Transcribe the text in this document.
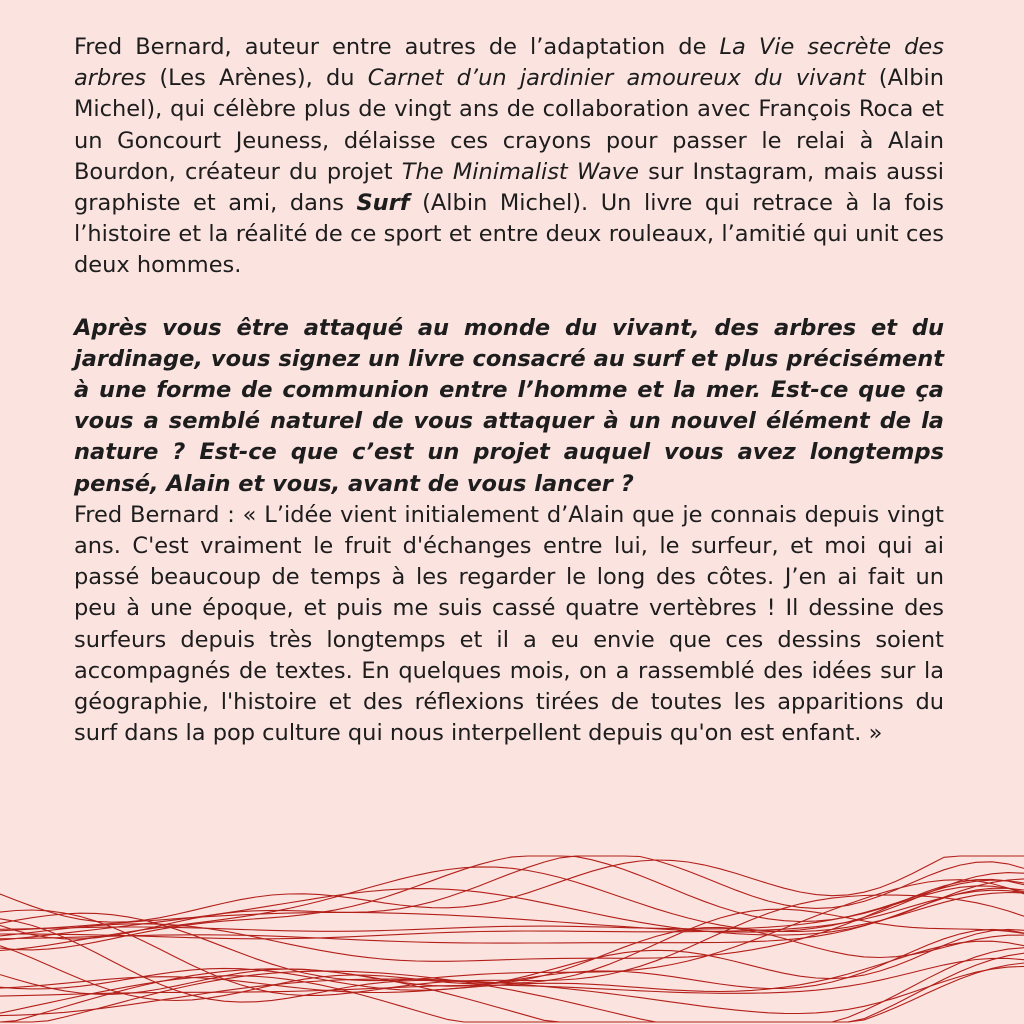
Fred Bernard, auteur entre autres de l’adaptation de La Vie secrète des arbres (Les Arènes), du Carnet d’un jardinier amoureux du vivant (Albin Michel), qui célèbre plus de vingt ans de collaboration avec François Roca et un Goncourt Jeuness, délaisse ces crayons pour passer le relai à Alain Bourdon, créateur du projet The Minimalist Wave sur Instagram, mais aussi graphiste et ami, dans Surf (Albin Michel). Un livre qui retrace à la fois l’histoire et la réalité de ce sport et entre deux rouleaux, l’amitié qui unit ces deux hommes.

Après vous être attaqué au monde du vivant, des arbres et du jardinage, vous signez un livre consacré au surf et plus précisément à une forme de communion entre l’homme et la mer. Est-ce que ça vous a semblé naturel de vous attaquer à un nouvel élément de la nature ? Est-ce que c’est un projet auquel vous avez longtemps pensé, Alain et vous, avant de vous lancer ?

Fred Bernard : « L’idée vient initialement d’Alain que je connais depuis vingt ans. C'est vraiment le fruit d'échanges entre lui, le surfeur, et moi qui ai passé beaucoup de temps à les regarder le long des côtes. J’en ai fait un peu à une époque, et puis me suis cassé quatre vertèbres ! Il dessine des surfeurs depuis très longtemps et il a eu envie que ces dessins soient accompagnés de textes. En quelques mois, on a rassemblé des idées sur la géographie, l'histoire et des réflexions tirées de toutes les apparitions du surf dans la pop culture qui nous interpellent depuis qu'on est enfant. »
